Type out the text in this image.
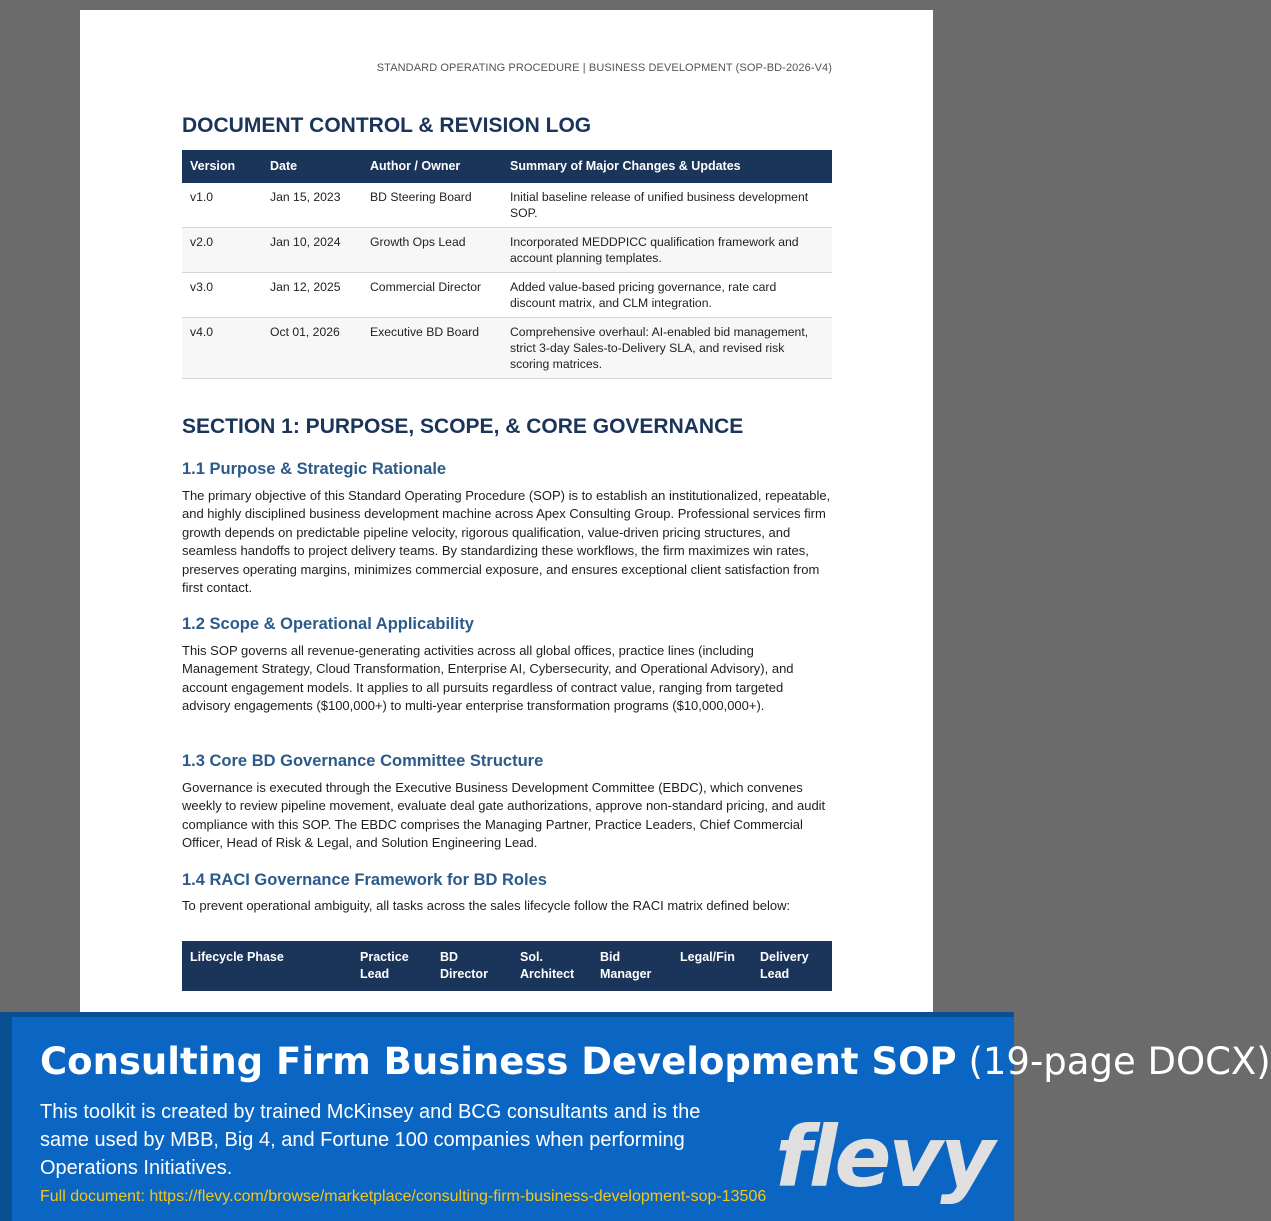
STANDARD OPERATING PROCEDURE | BUSINESS DEVELOPMENT (SOP-BD-2026-V4)
DOCUMENT CONTROL & REVISION LOG
Version	Date	Author / Owner	Summary of Major Changes & Updates
v1.0	Jan 15, 2023	BD Steering Board	Initial baseline release of unified business development SOP.
v2.0	Jan 10, 2024	Growth Ops Lead	Incorporated MEDDPICC qualification framework and account planning templates.
v3.0	Jan 12, 2025	Commercial Director	Added value-based pricing governance, rate card discount matrix, and CLM integration.
v4.0	Oct 01, 2026	Executive BD Board	Comprehensive overhaul: AI-enabled bid management, strict 3-day Sales-to-Delivery SLA, and revised risk scoring matrices.
SECTION 1: PURPOSE, SCOPE, & CORE GOVERNANCE
1.1 Purpose & Strategic Rationale

The primary objective of this Standard Operating Procedure (SOP) is to establish an institutionalized, repeatable, and highly disciplined business development machine across Apex Consulting Group. Professional services firm growth depends on predictable pipeline velocity, rigorous qualification, value-driven pricing structures, and seamless handoffs to project delivery teams. By standardizing these workflows, the firm maximizes win rates, preserves operating margins, minimizes commercial exposure, and ensures exceptional client satisfaction from first contact.

1.2 Scope & Operational Applicability

This SOP governs all revenue-generating activities across all global offices, practice lines (including Management Strategy, Cloud Transformation, Enterprise AI, Cybersecurity, and Operational Advisory), and account engagement models. It applies to all pursuits regardless of contract value, ranging from targeted advisory engagements ($100,000+) to multi-year enterprise transformation programs ($10,000,000+).

1.3 Core BD Governance Committee Structure

Governance is executed through the Executive Business Development Committee (EBDC), which convenes weekly to review pipeline movement, evaluate deal gate authorizations, approve non-standard pricing, and audit compliance with this SOP. The EBDC comprises the Managing Partner, Practice Leaders, Chief Commercial Officer, Head of Risk & Legal, and Solution Engineering Lead.

1.4 RACI Governance Framework for BD Roles

To prevent operational ambiguity, all tasks across the sales lifecycle follow the RACI matrix defined below:

Lifecycle Phase	Practice Lead	BD Director	Sol. Architect	Bid Manager	Legal/Fin	Delivery Lead
Consulting Firm Business Development SOP (19-page DOCX)
This toolkit is created by trained McKinsey and BCG consultants and is the same used by MBB, Big 4, and Fortune 100 companies when performing Operations Initiatives.
Full document: https://flevy.com/browse/marketplace/consulting-firm-business-development-sop-13506 flevy
